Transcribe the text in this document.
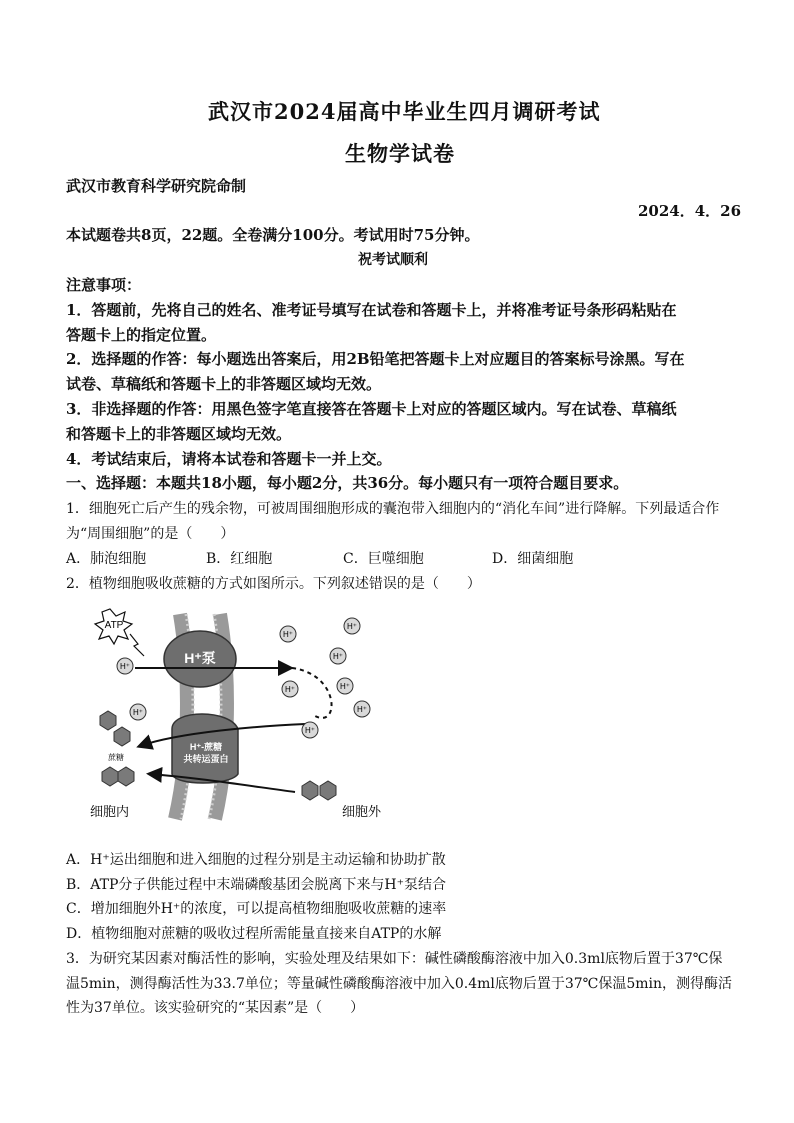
武汉市2024届高中毕业生四月调研考试
生物学试卷
武汉市教育科学研究院命制
2024．4．26
本试题卷共8页，22题。全卷满分100分。考试用时75分钟。
祝考试顺利
注意事项：
1．答题前，先将自己的姓名、准考证号填写在试卷和答题卡上，并将准考证号条形码粘贴在
答题卡上的指定位置。
2．选择题的作答：每小题选出答案后，用2B铅笔把答题卡上对应题目的答案标号涂黑。写在
试卷、草稿纸和答题卡上的非答题区域均无效。
3．非选择题的作答：用黑色签字笔直接答在答题卡上对应的答题区域内。写在试卷、草稿纸
和答题卡上的非答题区域均无效。
4．考试结束后，请将本试卷和答题卡一并上交。
一、选择题：本题共18小题，每小题2分，共36分。每小题只有一项符合题目要求。
1．细胞死亡后产生的残余物，可被周围细胞形成的囊泡带入细胞内的“消化车间”进行降解。下列最适合作
为“周围细胞”的是（　　）
A．肺泡细胞	B．红细胞	C．巨噬细胞	D．细菌细胞
2．植物细胞吸收蔗糖的方式如图所示。下列叙述错误的是（　　）
ATP
H⁺泵
H⁺-蔗糖
共转运蛋白
蔗糖
H⁺
H⁺
H⁺
H⁺
H⁺
H⁺	H⁺
H⁺
H⁺
细胞内	细胞外
A．H⁺运出细胞和进入细胞的过程分别是主动运输和协助扩散
B．ATP分子供能过程中末端磷酸基团会脱离下来与H⁺泵结合
C．增加细胞外H⁺的浓度，可以提高植物细胞吸收蔗糖的速率
D．植物细胞对蔗糖的吸收过程所需能量直接来自ATP的水解
3．为研究某因素对酶活性的影响，实验处理及结果如下：碱性磷酸酶溶液中加入0.3ml底物后置于37℃保
温5min，测得酶活性为33.7单位；等量碱性磷酸酶溶液中加入0.4ml底物后置于37℃保温5min，测得酶活
性为37单位。该实验研究的“某因素”是（　　）
